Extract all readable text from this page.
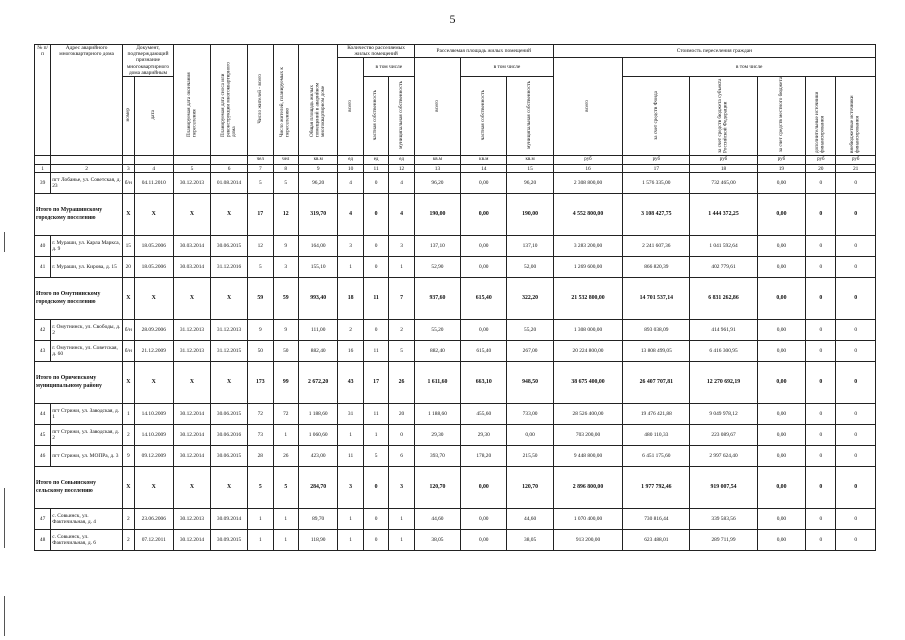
5
№ п/п	Адрес аварийного многоквартирного дома	Документ, подтверждающий признание многоквартирного дома аварийным		Планируемая дата окончания переселения	Планируемая дата сноса или реконструкции многоквартирного дома	Число жителей - всего	Число жителей, планируемых к переселению	Общая площадь жилых помещений в аварийном многоквартирном доме	Количество расселяемых жилых помещений			Расселяемая площадь жилых помещений			Стоимость переселения граждан					
									всего	в том числе		всего	в том числе		всего	в том числе				
		номер	дата							частная собственность	муниципальная собственность		частная собственность	муниципальная собственность		за счет средств Фонда	за счет средств бюджета субъекта Российской Федерации	за счет средств местного бюджета	дополнительные источники финансирования	внебюджетные источники финансирования
						чел	чел	кв.м	ед	ед	ед	кв.м	кв.м	кв.м	руб	руб	руб	руб	руб	руб
1	2	3	4	5	6	7	8	9	10	11	12	13	14	15	16	17	18	19	20	21
39	пгт Лобанье, ул. Советская, д. 23	б/н	04.11.2010	30.12.2013	01.08.2014	5	5	96,20	4	0	4	96,20	0,00	96,20	2 308 800,00	1 576 335,00	732 465,00	0,00	0	0
Итого по Мурашинскому городскому поселению		X	X	X	X	17	12	319,70	4	0	4	190,00	0,00	190,00	4 552 800,00	3 108 427,75	1 444 372,25	0,00	0	0
40	г. Мураши, ул. Карла Маркса, д. 9	15	18.05.2006	30.03.2014	30.06.2015	12	9	164,00	3	0	3	137,10	0,00	137,10	3 283 200,00	2 241 607,36	1 041 592,64	0,00	0	0
41	г. Мураши, ул. Кирова, д. 15	20	18.05.2006	30.03.2014	31.12.2016	5	3	155,10	1	0	1	52,90	0,00	52,00	1 269 600,00	866 820,39	402 779,61	0,00	0	0
Итого по Омутнинскому городскому поселению		X	X	X	X	59	59	993,40	18	11	7	937,60	615,40	322,20	21 532 800,00	14 701 537,14	6 831 262,86	0,00	0	0
42	г. Омутнинск, ул. Свободы, д. 2	б/н	28.09.2006	31.12.2013	31.12.2013	9	9	111,00	2	0	2	55,20	0,00	55,20	1 308 000,00	893 038,09	414 961,91	0,00	0	0
43	г. Омутнинск, ул. Советская, д. 60	б/н	21.12.2009	31.12.2013	31.12.2015	50	50	882,40	16	11	5	882,40	615,40	267,00	20 224 800,00	13 808 499,05	6 416 300,95	0,00	0	0
Итого по Оричевскому муниципальному району		X	X	X	X	173	99	2 672,20	43	17	26	1 611,60	663,10	948,50	38 675 400,00	26 407 707,81	12 270 692,19	0,00	0	0
44	пгт Стрижи, ул. Заводская, д. 1	1	14.10.2009	30.12.2014	30.06.2015	72	72	1 188,60	31	11	20	1 188,60	455,60	733,00	28 526 400,00	19 476 421,88	9 049 978,12	0,00	0	0
45	пгт Стрижи, ул. Заводская, д. 2	2	14.10.2009	30.12.2014	30.06.2016	73	1	1 060,60	1	1	0	29,30	29,30	0,00	703 200,00	480 110,33	223 089,67	0,00	0	0
46	пгт Стрижи, ул. МОПРа, д. 3	9	09.12.2009	30.12.2014	30.06.2015	28	26	423,00	11	5	6	393,70	178,20	215,50	9 448 800,00	6 451 175,60	2 997 624,40	0,00	0	0
Итого по Совьинскому сельскому поселению		X	X	X	X	5	5	284,70	3	0	3	120,70	0,00	120,70	2 896 800,00	1 977 792,46	919 007,54	0,00	0	0
47	с. Совьинск, ул. Фактичильная, д. 4	2	23.06.2006	30.12.2013	30.09.2014	1	1	89,70	1	0	1	44,60	0,00	44,60	1 070 400,00	730 816,44	339 583,56	0,00	0	0
48	с. Совьинск, ул. Фактичильная, д. 6	2	07.12.2011	30.12.2014	30.09.2015	1	1	118,90	1	0	1	38,05	0,00	38,05	913 200,00	623 488,01	289 711,99	0,00	0	0
